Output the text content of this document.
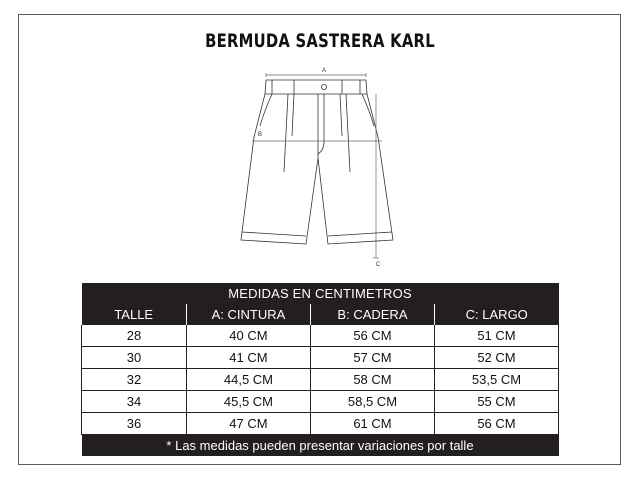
BERMUDA SASTRERA KARL
A
B
C
MEDIDAS EN CENTIMETROS			
TALLE	A: CINTURA	B: CADERA	C: LARGO
28	40 CM	56 CM	51 CM
30	41 CM	57 CM	52 CM
32	44,5 CM	58 CM	53,5 CM
34	45,5 CM	58,5 CM	55 CM
36	47 CM	61 CM	56 CM
* Las medidas pueden presentar variaciones por talle			
